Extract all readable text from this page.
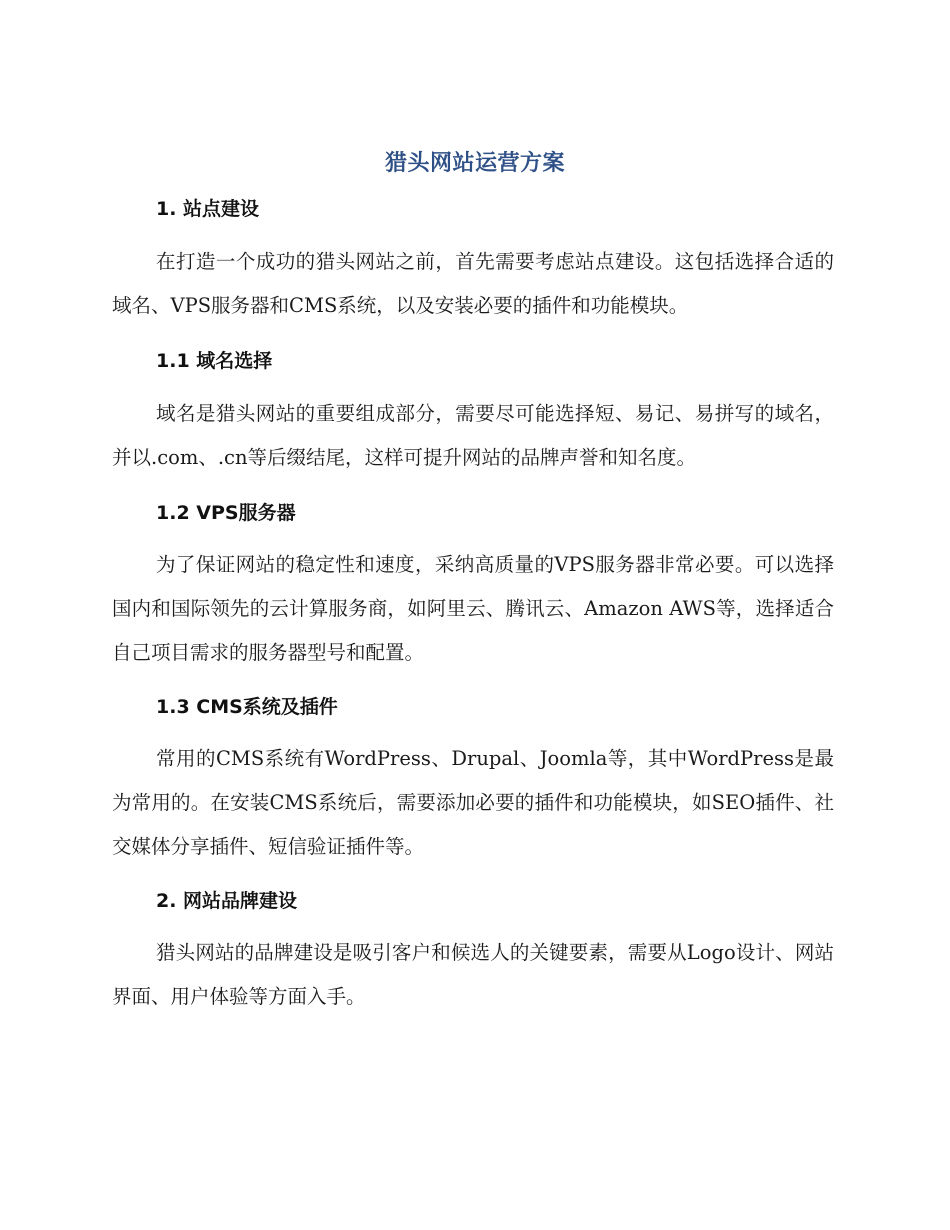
猎头网站运营方案
1. 站点建设

在打造一个成功的猎头网站之前，首先需要考虑站点建设。这包括选择合适的域名、VPS服务器和CMS系统，以及安装必要的插件和功能模块。

1.1 域名选择

域名是猎头网站的重要组成部分，需要尽可能选择短、易记、易拼写的域名，并以.com、.cn等后缀结尾，这样可提升网站的品牌声誉和知名度。

1.2 VPS服务器

为了保证网站的稳定性和速度，采纳高质量的VPS服务器非常必要。可以选择国内和国际领先的云计算服务商，如阿里云、腾讯云、Amazon AWS等，选择适合自己项目需求的服务器型号和配置。

1.3 CMS系统及插件

常用的CMS系统有WordPress、Drupal、Joomla等，其中WordPress是最为常用的。在安装CMS系统后，需要添加必要的插件和功能模块，如SEO插件、社交媒体分享插件、短信验证插件等。

2. 网站品牌建设

猎头网站的品牌建设是吸引客户和候选人的关键要素，需要从Logo设计、网站界面、用户体验等方面入手。
